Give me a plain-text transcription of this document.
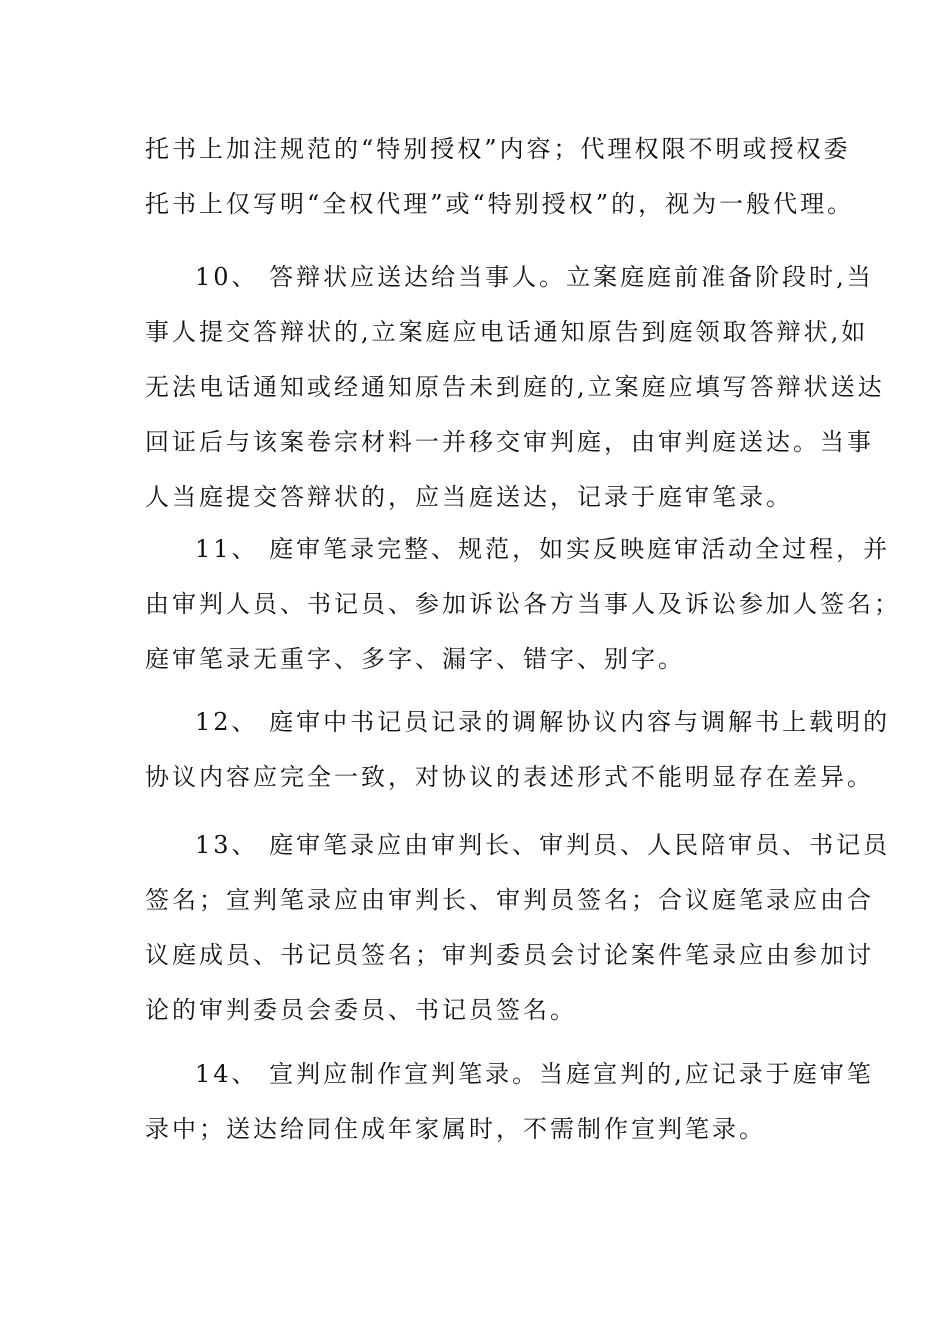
托书上加注规范的“特别授权”内容；代理权限不明或授权委
托书上仅写明“全权代理”或“特别授权”的，视为一般代理。
10、 答辩状应送达给当事人。立案庭庭前准备阶段时,当
事人提交答辩状的,立案庭应电话通知原告到庭领取答辩状,如
无法电话通知或经通知原告未到庭的,立案庭应填写答辩状送达
回证后与该案卷宗材料一并移交审判庭，由审判庭送达。当事
人当庭提交答辩状的，应当庭送达，记录于庭审笔录。
11、 庭审笔录完整、规范，如实反映庭审活动全过程，并
由审判人员、书记员、参加诉讼各方当事人及诉讼参加人签名；
庭审笔录无重字、多字、漏字、错字、别字。
12、 庭审中书记员记录的调解协议内容与调解书上载明的
协议内容应完全一致，对协议的表述形式不能明显存在差异。
13、 庭审笔录应由审判长、审判员、人民陪审员、书记员
签名；宣判笔录应由审判长、审判员签名；合议庭笔录应由合
议庭成员、书记员签名；审判委员会讨论案件笔录应由参加讨
论的审判委员会委员、书记员签名。
14、 宣判应制作宣判笔录。当庭宣判的,应记录于庭审笔
录中；送达给同住成年家属时，不需制作宣判笔录。
